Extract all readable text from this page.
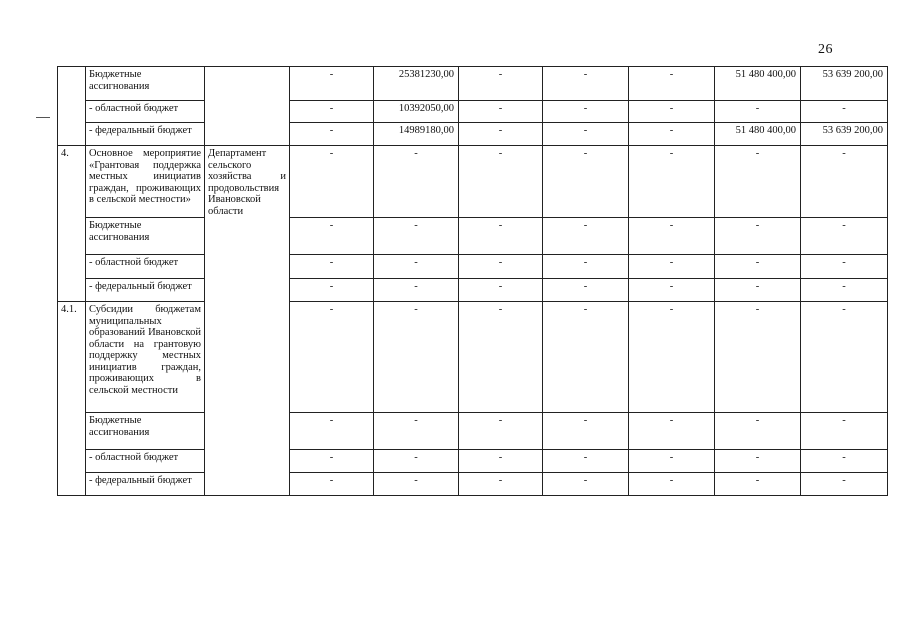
26
	Бюджетные ассигнования		-	25381230,00	-	-	-	51 480 400,00	53 639 200,00
	- областной бюджет		-	10392050,00	-	-	-	-	-
	- федеральный бюджет		-	14989180,00	-	-	-	51 480 400,00	53 639 200,00
4.	Основное мероприятие «Грантовая поддержка местных инициатив граждан, проживающих в сельской местности»	Департамент сельского хозяйства и продовольствия Ивановской области	-	-	-	-	-	-	-
	Бюджетные ассигнования		-	-	-	-	-	-	-
	- областной бюджет		-	-	-	-	-	-	-
	- федеральный бюджет		-	-	-	-	-	-	-
4.1.	Субсидии бюджетам муниципальных образований Ивановской области на грантовую поддержку местных инициатив граждан, проживающих в сельской местности		-	-	-	-	-	-	-
	Бюджетные ассигнования		-	-	-	-	-	-	-
	- областной бюджет		-	-	-	-	-	-	-
	- федеральный бюджет		-	-	-	-	-	-	-
